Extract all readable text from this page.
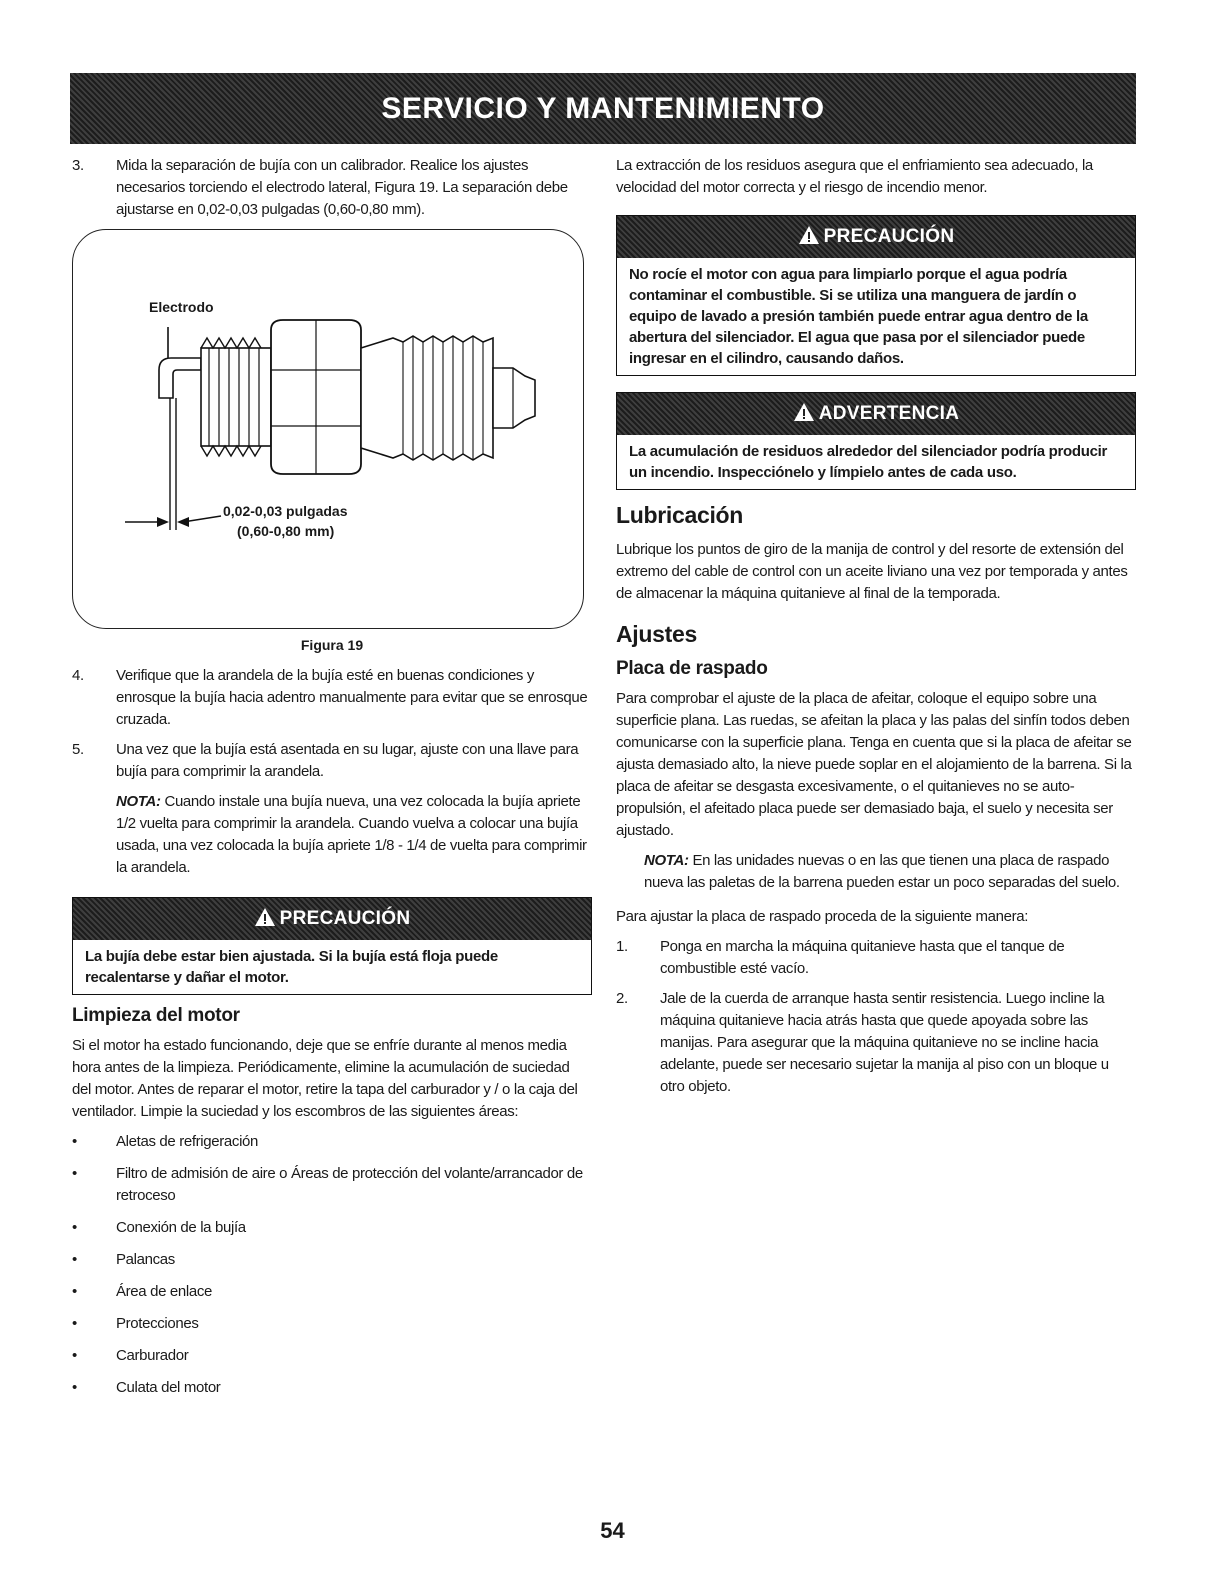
SERVICIO Y MANTENIMIENTO
3.	Mida la separación de bujía con un calibrador. Realice los ajustes necesarios torciendo el electrodo lateral, Figura 19. La separación debe ajustarse en 0,02-0,03 pulgadas (0,60-0,80 mm).
Electrodo
0,02-0,03 pulgadas
(0,60-0,80 mm)
Figura 19
4.	Verifique que la arandela de la bujía esté en buenas condiciones y enrosque la bujía hacia adentro manualmente para evitar que se enrosque cruzada.
5.	Una vez que la bujía está asentada en su lugar, ajuste con una llave para bujía para comprimir la arandela.
NOTA: Cuando instale una bujía nueva, una vez colocada la bujía apriete 1/2 vuelta para comprimir la arandela. Cuando vuelva a colocar una bujía usada, una vez colocada la bujía apriete 1/8 - 1/4 de vuelta para comprimir la arandela.
PRECAUCIÓN
La bujía debe estar bien ajustada. Si la bujía está floja puede recalentarse y dañar el motor.
Limpieza del motor

Si el motor ha estado funcionando, deje que se enfríe durante al menos media hora antes de la limpieza. Periódicamente, elimine la acumulación de suciedad del motor. Antes de reparar el motor, retire la tapa del carburador y / o la caja del ventilador. Limpie la suciedad y los escombros de las siguientes áreas:

•	Aletas de refrigeración
•	Filtro de admisión de aire o Áreas de protección del volante/arrancador de retroceso
•	Conexión de la bujía
•	Palancas
•	Área de enlace
•	Protecciones
•	Carburador
•	Culata del motor

La extracción de los residuos asegura que el enfriamiento sea adecuado, la velocidad del motor correcta y el riesgo de incendio menor.

PRECAUCIÓN
No rocíe el motor con agua para limpiarlo porque el agua podría contaminar el combustible. Si se utiliza una manguera de jardín o equipo de lavado a presión también puede entrar agua dentro de la abertura del silenciador. El agua que pasa por el silenciador puede ingresar en el cilindro, causando daños.
ADVERTENCIA
La acumulación de residuos alrededor del silenciador podría producir un incendio. Inspecciónelo y límpielo antes de cada uso.
Lubricación

Lubrique los puntos de giro de la manija de control y del resorte de extensión del extremo del cable de control con un aceite liviano una vez por temporada y antes de almacenar la máquina quitanieve al final de la temporada.

Ajustes
Placa de raspado

Para comprobar el ajuste de la placa de afeitar, coloque el equipo sobre una superficie plana. Las ruedas, se afeitan la placa y las palas del sinfín todos deben comunicarse con la superficie plana. Tenga en cuenta que si la placa de afeitar se ajusta demasiado alto, la nieve puede soplar en el alojamiento de la barrena. Si la placa de afeitar se desgasta excesivamente, o el quitanieves no se auto-propulsión, el afeitado placa puede ser demasiado baja, el suelo y necesita ser ajustado.

NOTA: En las unidades nuevas o en las que tienen una placa de raspado nueva las paletas de la barrena pueden estar un poco separadas del suelo.

Para ajustar la placa de raspado proceda de la siguiente manera:

1.	Ponga en marcha la máquina quitanieve hasta que el tanque de combustible esté vacío.
2.	Jale de la cuerda de arranque hasta sentir resistencia. Luego incline la máquina quitanieve hacia atrás hasta que quede apoyada sobre las manijas. Para asegurar que la máquina quitanieve no se incline hacia adelante, puede ser necesario sujetar la manija al piso con un bloque u otro objeto.
54
